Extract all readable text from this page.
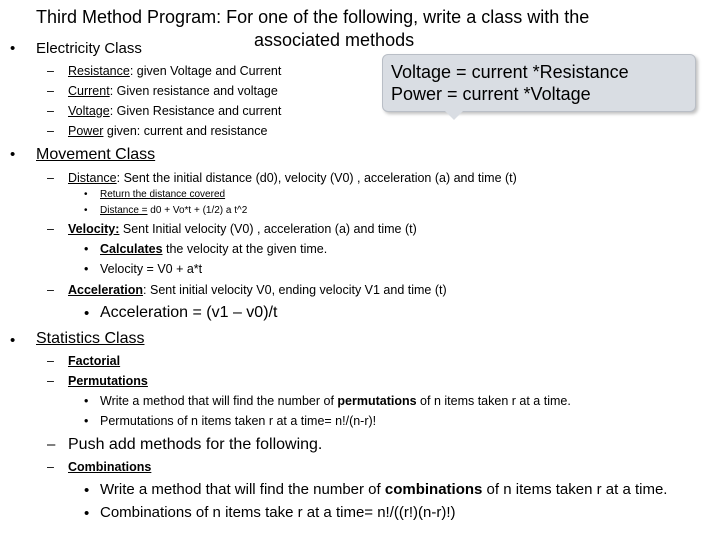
Third Method Program: For one of the following, write a class with the
associated methods
Voltage = current *Resistance
Power = current *Voltage
• Electricity Class
– Resistance: given Voltage and Current
– Current: Given resistance and voltage
– Voltage: Given Resistance and current
– Power given: current and resistance
• Movement Class
– Distance: Sent the initial distance (d0), velocity (V0) , acceleration (a) and time (t)
• Return the distance covered
• Distance = d0 + Vo*t + (1/2) a t^2
– Velocity: Sent Initial velocity (V0) , acceleration (a) and time (t)
• Calculates the velocity at the given time.
• Velocity = V0 + a*t
– Acceleration: Sent initial velocity V0, ending velocity V1 and time (t)
• Acceleration = (v1 – v0)/t
• Statistics Class
– Factorial
– Permutations
• Write a method that will find the number of permutations of n items taken r at a time.
• Permutations of n items taken r at a time= n!/(n-r)!
– Push add methods for the following.
– Combinations
• Write a method that will find the number of combinations of n items taken r at a time.
• Combinations of n items take r at a time= n!/((r!)(n-r)!)
